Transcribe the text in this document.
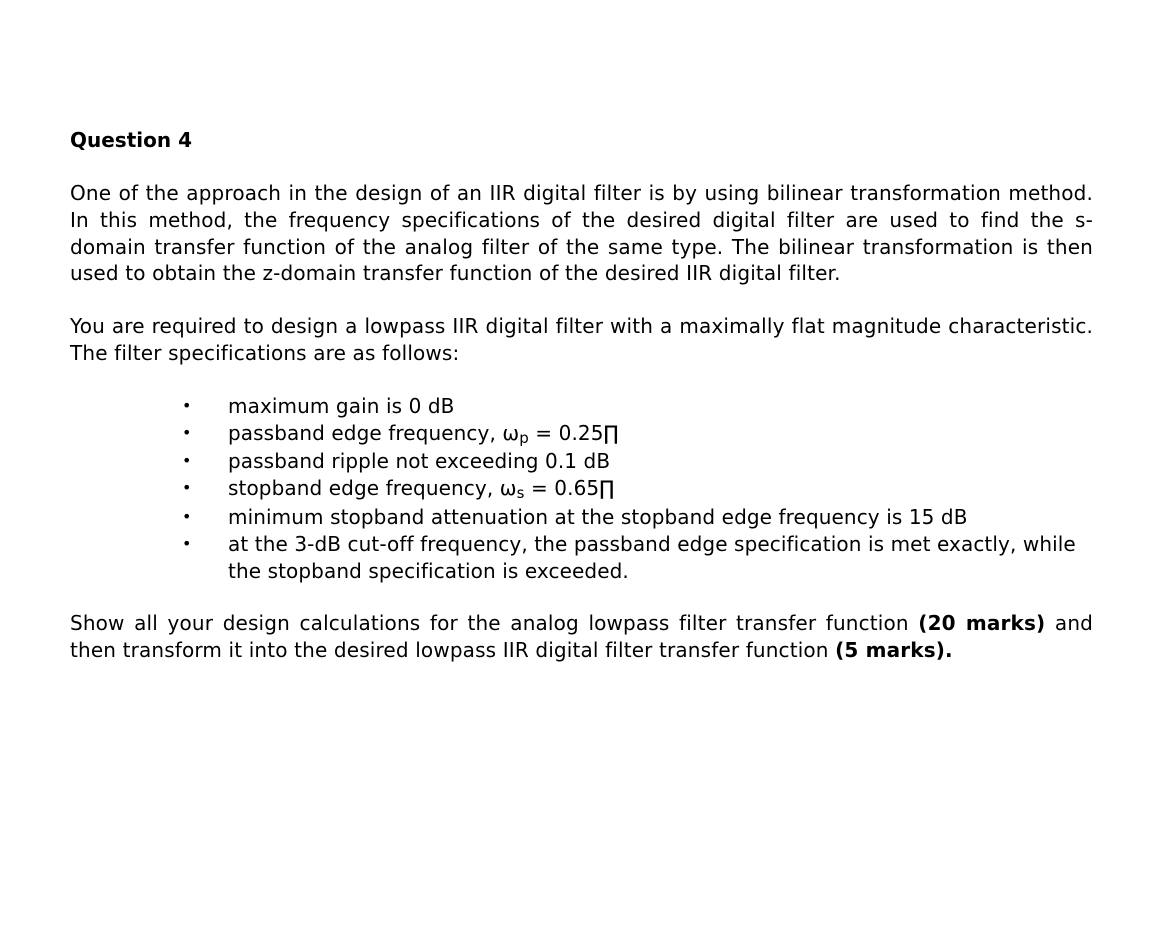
Question 4

One of the approach in the design of an IIR digital filter is by using bilinear transformation method. In this method, the frequency specifications of the desired digital filter are used to find the s-domain transfer function of the analog filter of the same type. The bilinear transformation is then used to obtain the z-domain transfer function of the desired IIR digital filter.

You are required to design a lowpass IIR digital filter with a maximally flat magnitude characteristic. The filter specifications are as follows:

• maximum gain is 0 dB
• passband edge frequency, ωp = 0.25∏
• passband ripple not exceeding 0.1 dB
• stopband edge frequency, ωs = 0.65∏
• minimum stopband attenuation at the stopband edge frequency is 15 dB
• at the 3-dB cut-off frequency, the passband edge specification is met exactly, while the stopband specification is exceeded.

Show all your design calculations for the analog lowpass filter transfer function (20 marks) and then transform it into the desired lowpass IIR digital filter transfer function (5 marks).
